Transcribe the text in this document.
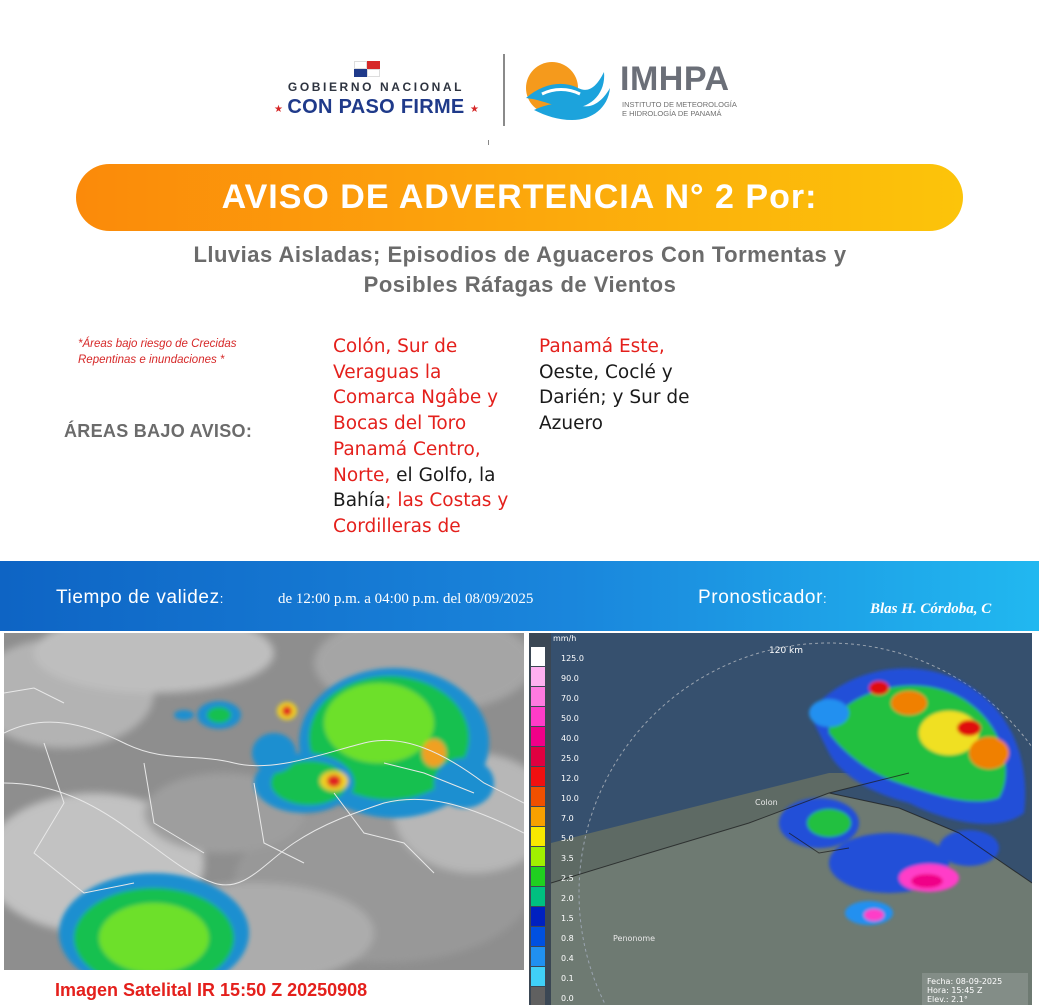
GOBIERNO NACIONAL
★ CON PASO FIRME ★
IMHPA
INSTITUTO DE METEOROLOGÍA
E HIDROLOGÍA DE PANAMÁ
AVISO DE ADVERTENCIA N° 2 Por:
Lluvias Aisladas; Episodios de Aguaceros Con Tormentas y
Posibles Ráfagas de Vientos
*Áreas bajo riesgo de Crecidas
Repentinas e inundaciones *
ÁREAS BAJO AVISO:
Colón, Sur de
Veraguas la
Comarca Ngâbe y
Bocas del Toro
Panamá Centro,
Norte, el Golfo, la
Bahía; las Costas y
Cordilleras de
Panamá Este,
Oeste, Coclé y
Darién; y Sur de
Azuero
Tiempo de validez:	de 12:00 p.m. a 04:00 p.m. del 08/09/2025	Pronosticador:
Blas H. Córdoba, C
Imagen Satelital IR 15:50 Z 20250908
mm/h
125.0
90.0
70.0
50.0
40.0
25.0
12.0
10.0
7.0
5.0
3.5
2.5
2.0
1.5
0.8
0.4
0.1
0.0
120 km
Colon
Penonome
Fecha: 08-09-2025
Hora: 15:45 Z
Elev.: 2.1°
